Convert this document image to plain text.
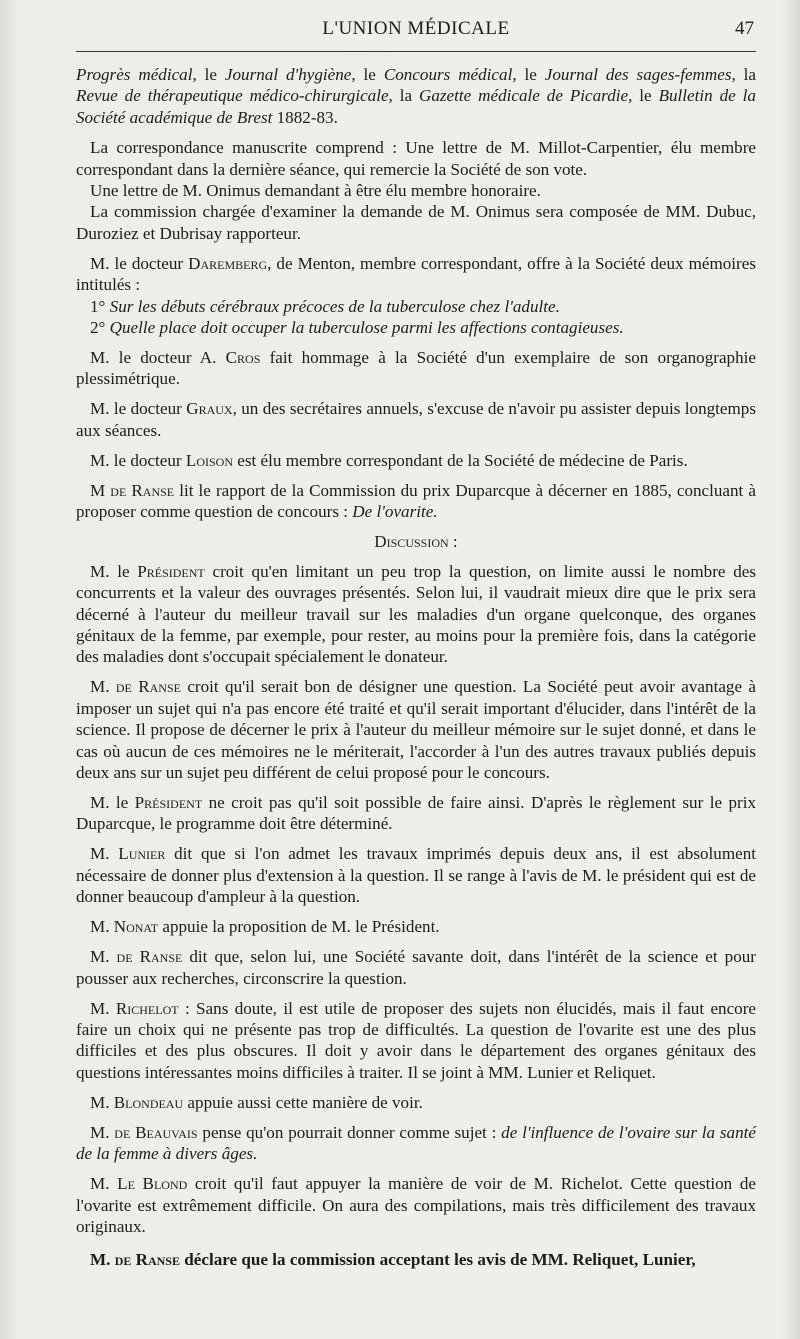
L'UNION MÉDICALE	47

Progrès médical, le Journal d'hygiène, le Concours médical, le Journal des sages-femmes, la Revue de thérapeutique médico-chirurgicale, la Gazette médicale de Picardie, le Bulletin de la Société académique de Brest 1882-83.

La correspondance manuscrite comprend : Une lettre de M. Millot-Carpentier, élu membre correspondant dans la dernière séance, qui remercie la Société de son vote.

Une lettre de M. Onimus demandant à être élu membre honoraire.

La commission chargée d'examiner la demande de M. Onimus sera composée de MM. Dubuc, Duroziez et Dubrisay rapporteur.

M. le docteur Daremberg, de Menton, membre correspondant, offre à la Société deux mémoires intitulés :

1° Sur les débuts cérébraux précoces de la tuberculose chez l'adulte.

2° Quelle place doit occuper la tuberculose parmi les affections contagieuses.

M. le docteur A. Cros fait hommage à la Société d'un exemplaire de son organographie plessimétrique.

M. le docteur Graux, un des secrétaires annuels, s'excuse de n'avoir pu assister depuis longtemps aux séances.

M. le docteur Loison est élu membre correspondant de la Société de médecine de Paris.

M de Ranse lit le rapport de la Commission du prix Duparcque à décerner en 1885, concluant à proposer comme question de concours : De l'ovarite.

Discussion :

M. le Président croit qu'en limitant un peu trop la question, on limite aussi le nombre des concurrents et la valeur des ouvrages présentés. Selon lui, il vaudrait mieux dire que le prix sera décerné à l'auteur du meilleur travail sur les maladies d'un organe quelconque, des organes génitaux de la femme, par exemple, pour rester, au moins pour la première fois, dans la catégorie des maladies dont s'occupait spécialement le donateur.

M. de Ranse croit qu'il serait bon de désigner une question. La Société peut avoir avantage à imposer un sujet qui n'a pas encore été traité et qu'il serait important d'élucider, dans l'intérêt de la science. Il propose de décerner le prix à l'auteur du meilleur mémoire sur le sujet donné, et dans le cas où aucun de ces mémoires ne le mériterait, l'accorder à l'un des autres travaux publiés depuis deux ans sur un sujet peu différent de celui proposé pour le concours.

M. le Président ne croit pas qu'il soit possible de faire ainsi. D'après le règlement sur le prix Duparcque, le programme doit être déterminé.

M. Lunier dit que si l'on admet les travaux imprimés depuis deux ans, il est absolument nécessaire de donner plus d'extension à la question. Il se range à l'avis de M. le président qui est de donner beaucoup d'ampleur à la question.

M. Nonat appuie la proposition de M. le Président.

M. de Ranse dit que, selon lui, une Société savante doit, dans l'intérêt de la science et pour pousser aux recherches, circonscrire la question.

M. Richelot : Sans doute, il est utile de proposer des sujets non élucidés, mais il faut encore faire un choix qui ne présente pas trop de difficultés. La question de l'ovarite est une des plus difficiles et des plus obscures. Il doit y avoir dans le département des organes génitaux des questions intéressantes moins difficiles à traiter. Il se joint à MM. Lunier et Reliquet.

M. Blondeau appuie aussi cette manière de voir.

M. de Beauvais pense qu'on pourrait donner comme sujet : de l'influence de l'ovaire sur la santé de la femme à divers âges.

M. Le Blond croit qu'il faut appuyer la manière de voir de M. Richelot. Cette question de l'ovarite est extrêmement difficile. On aura des compilations, mais très difficilement des travaux originaux.

M. de Ranse déclare que la commission acceptant les avis de MM. Reliquet, Lunier,
